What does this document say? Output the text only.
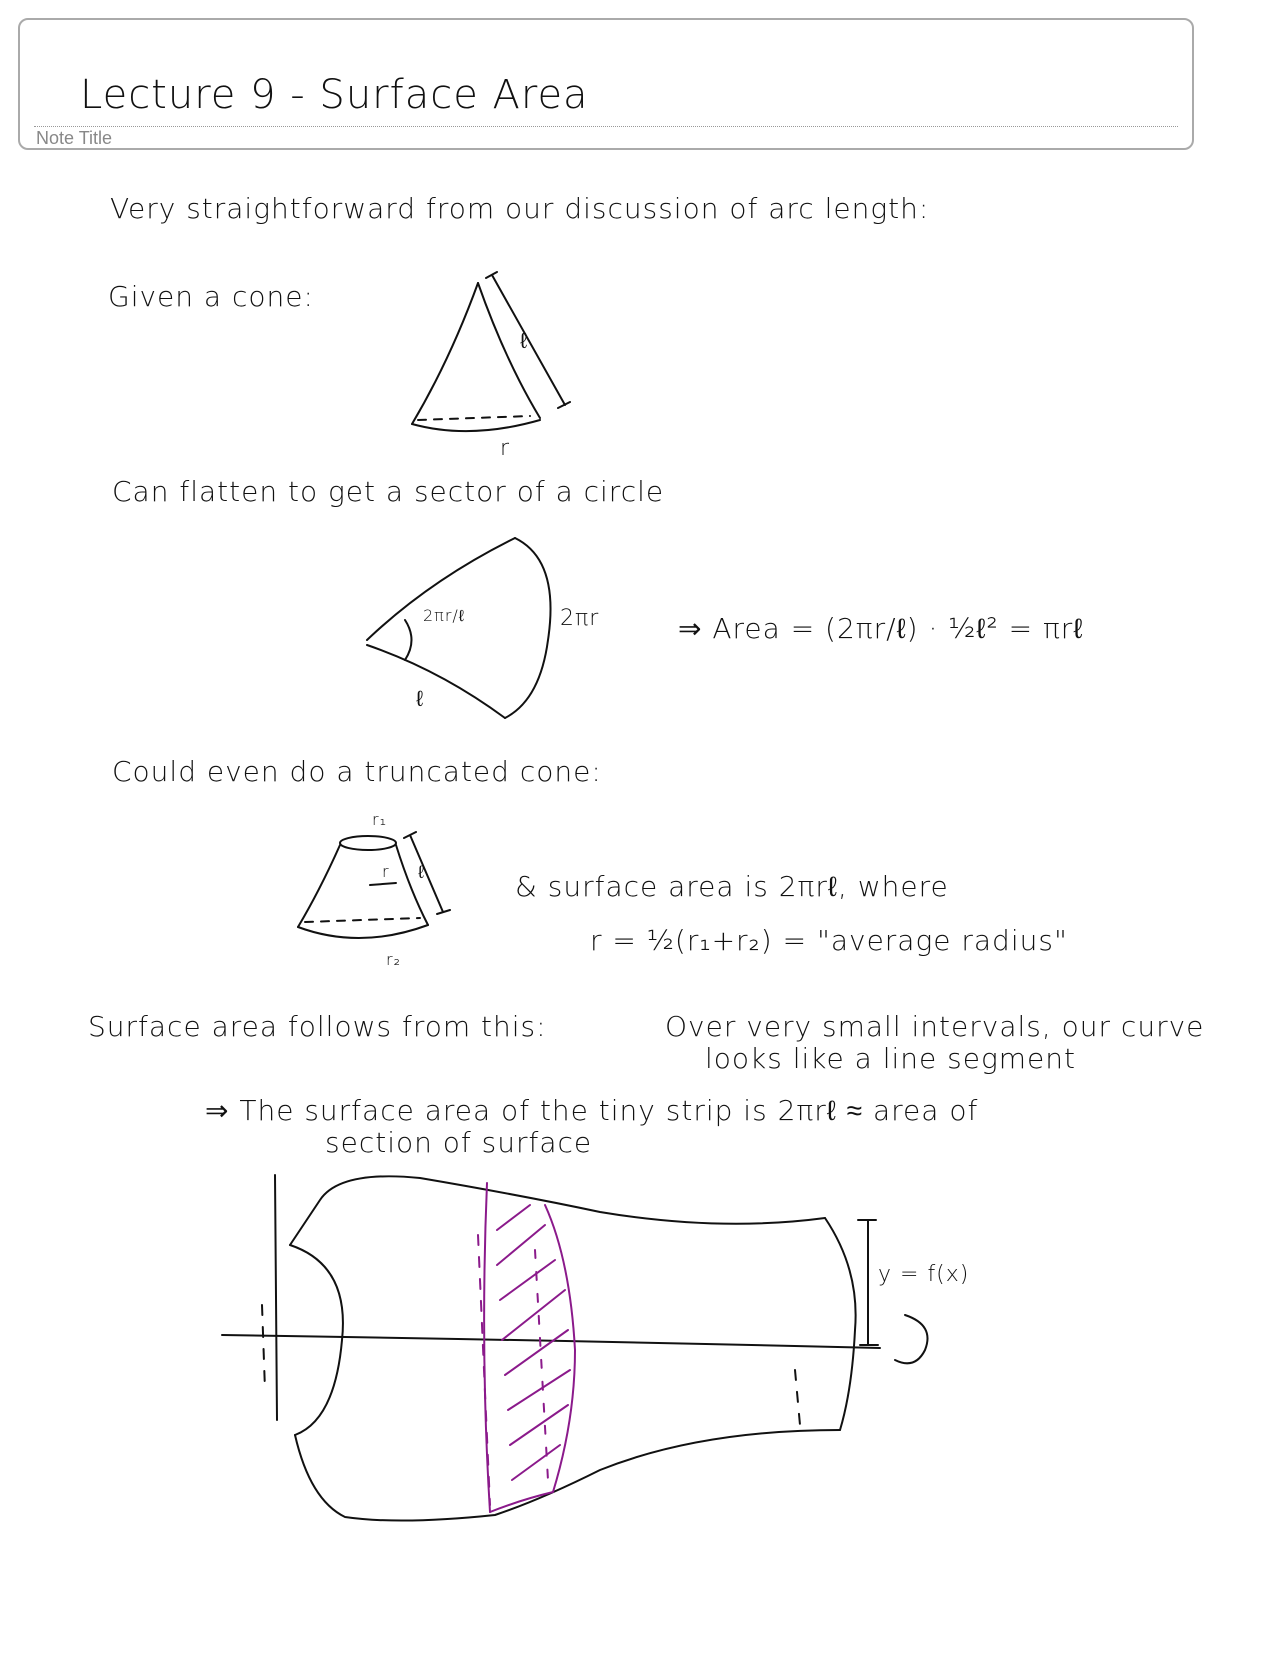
Lecture 9 - Surface Area
Note Title
Very straightforward from our discussion of arc length:
Given a cone:
ℓ
r
Can flatten to get a sector of a circle
2πr/ℓ	2πr
ℓ
⇒ Area = (2πr/ℓ) · ½ℓ² = πrℓ
Could even do a truncated cone:
r₁
r ℓ
r₂
& surface area is 2πrℓ, where
r = ½(r₁+r₂) = "average radius"
Surface area follows from this:	Over very small intervals, our curve
looks like a line segment
⇒ The surface area of the tiny strip is 2πrℓ ≈ area of
section of surface
y = f(x)
